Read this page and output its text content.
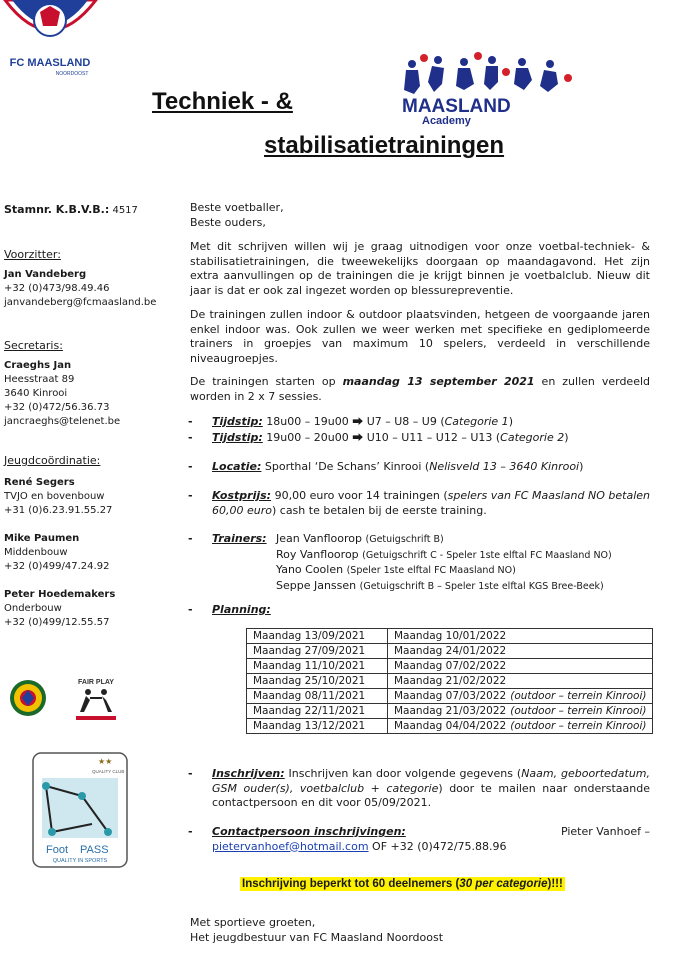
FC MAASLAND
NOORDOOST
MAASLAND
Academy
Techniek - &
stabilisatietrainingen
Stamnr. K.B.V.B.: 4517
Voorzitter:
Jan Vandeberg
+32 (0)473/98.49.46
janvandeberg@fcmaasland.be
Secretaris:
Craeghs Jan
Heesstraat 89
3640 Kinrooi
+32 (0)472/56.36.73
jancraeghs@telenet.be
Jeugdcoördinatie:
René Segers
TVJO en bovenbouw
+31 (0)6.23.91.55.27
Mike Paumen
Middenbouw
+32 (0)499/47.24.92
Peter Hoedemakers
Onderbouw
+32 (0)499/12.55.57
FAIR PLAY
★★
QUALITY CLUB
Foot PASS
QUALITY IN SPORTS
Beste voetballer,
Beste ouders,
Met dit schrijven willen wij je graag uitnodigen voor onze voetbal-techniek- & stabilisatietrainingen, die tweewekelijks doorgaan op maandagavond. Het zijn extra aanvullingen op de trainingen die je krijgt binnen je voetbalclub. Nieuw dit jaar is dat er ook zal ingezet worden op blessurepreventie.
De trainingen zullen indoor & outdoor plaatsvinden, hetgeen de voorgaande jaren enkel indoor was. Ook zullen we weer werken met specifieke en gediplomeerde trainers in groepjes van maximum 10 spelers, verdeeld in verschillende niveaugroepjes.
De trainingen starten op maandag 13 september 2021 en zullen verdeeld worden in 2 x 7 sessies.
- Tijdstip: 18u00 – 19u00 ⮕ U7 – U8 – U9 (Categorie 1)
- Tijdstip: 19u00 – 20u00 ⮕ U10 – U11 – U12 – U13 (Categorie 2)
- Locatie: Sporthal ‘De Schans’ Kinrooi (Nelisveld 13 – 3640 Kinrooi)
- Kostprijs: 90,00 euro voor 14 trainingen (spelers van FC Maasland NO betalen 60,00 euro) cash te betalen bij de eerste training.
- Trainers: Jean Vanfloorop (Getuigschrift B)
Roy Vanfloorop (Getuigschrift C - Speler 1ste elftal FC Maasland NO)
Yano Coolen (Speler 1ste elftal FC Maasland NO)
Seppe Janssen (Getuigschrift B – Speler 1ste elftal KGS Bree-Beek)
- Planning:
Maandag 13/09/2021	Maandag 10/01/2022
Maandag 27/09/2021	Maandag 24/01/2022
Maandag 11/10/2021	Maandag 07/02/2022
Maandag 25/10/2021	Maandag 21/02/2022
Maandag 08/11/2021	Maandag 07/03/2022 (outdoor – terrein Kinrooi)
Maandag 22/11/2021	Maandag 21/03/2022 (outdoor – terrein Kinrooi)
Maandag 13/12/2021	Maandag 04/04/2022 (outdoor – terrein Kinrooi)
- Inschrijven: Inschrijven kan door volgende gegevens (Naam, geboortedatum, GSM ouder(s), voetbalclub + categorie) door te mailen naar onderstaande contactpersoon en dit voor 05/09/2021.
- Contactpersoon inschrijvingen:	Pieter Vanhoef –
pietervanhoef@hotmail.com OF +32 (0)472/75.88.96
Inschrijving beperkt tot 60 deelnemers (30 per categorie)!!!
Met sportieve groeten,
Het jeugdbestuur van FC Maasland Noordoost
